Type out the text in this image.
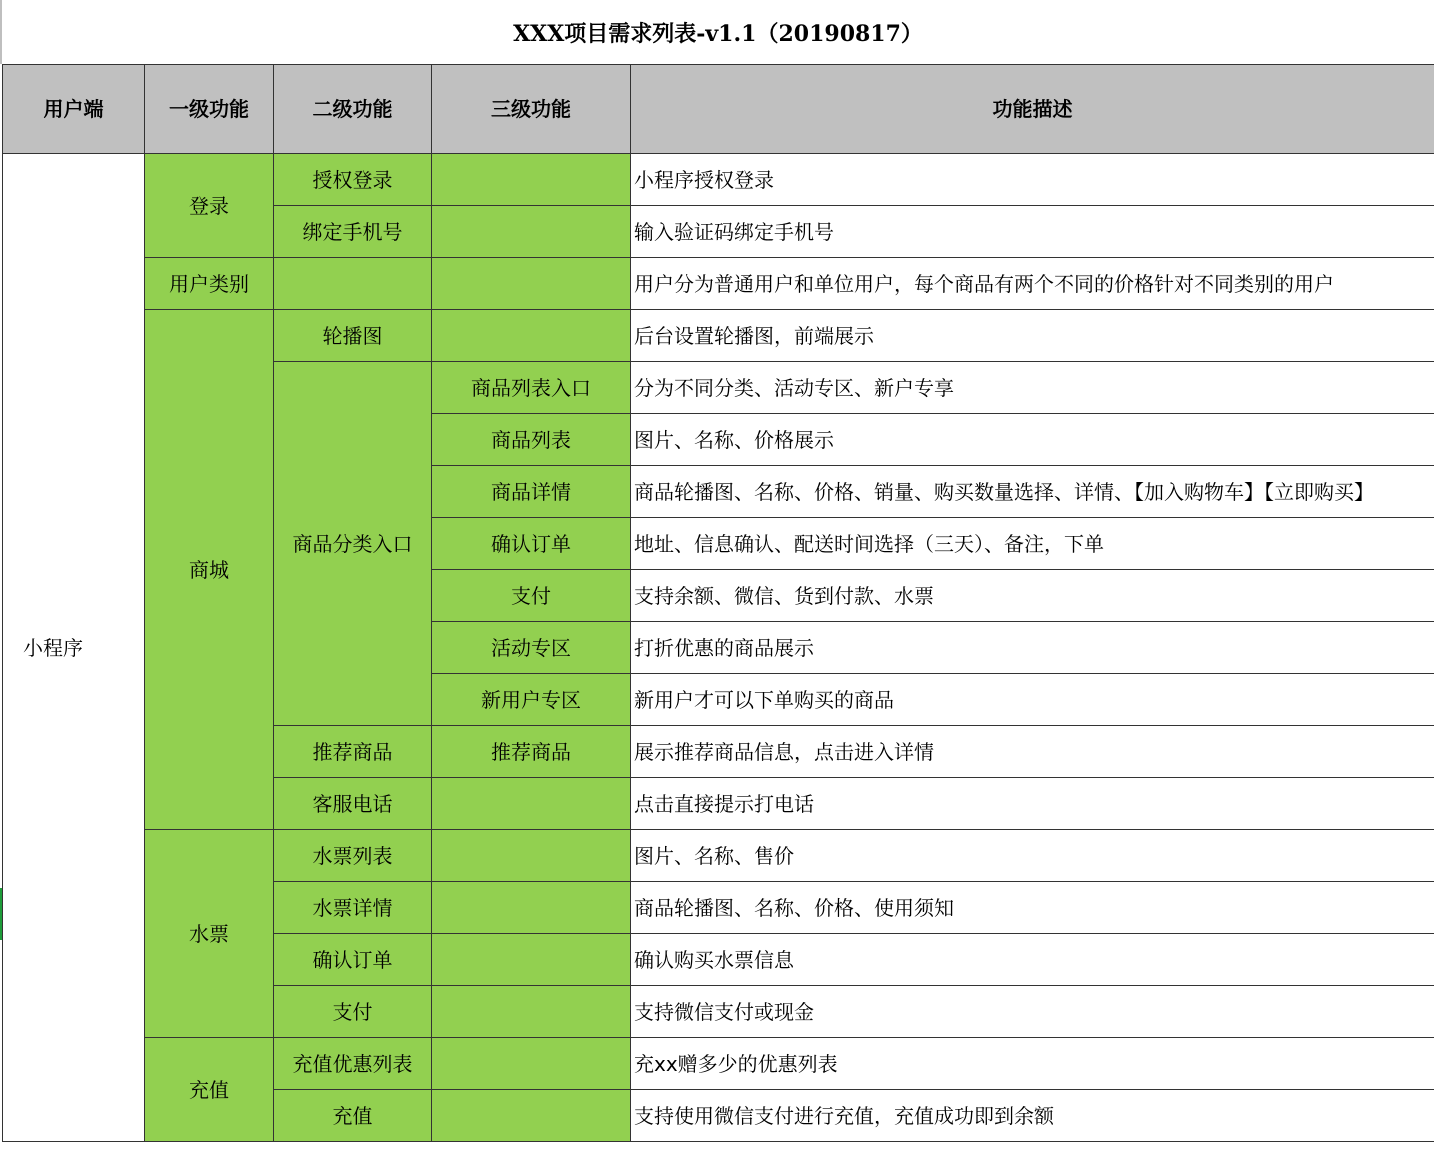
XXX项目需求列表-v1.1（20190817）
用户端	一级功能	二级功能	三级功能	功能描述
小程序	登录	授权登录		小程序授权登录
		绑定手机号		输入验证码绑定手机号
	用户类别			用户分为普通用户和单位用户，每个商品有两个不同的价格针对不同类别的用户
	商城	轮播图		后台设置轮播图，前端展示
		商品分类入口	商品列表入口	分为不同分类、活动专区、新户专享
			商品列表	图片、名称、价格展示
			商品详情	商品轮播图、名称、价格、销量、购买数量选择、详情、【加入购物车】【立即购买】
			确认订单	地址、信息确认、配送时间选择（三天）、备注，下单
			支付	支持余额、微信、货到付款、水票
			活动专区	打折优惠的商品展示
			新用户专区	新用户才可以下单购买的商品
		推荐商品	推荐商品	展示推荐商品信息，点击进入详情
		客服电话		点击直接提示打电话
	水票	水票列表		图片、名称、售价
		水票详情		商品轮播图、名称、价格、使用须知
		确认订单		确认购买水票信息
		支付		支持微信支付或现金
	充值	充值优惠列表		充xx赠多少的优惠列表
		充值		支持使用微信支付进行充值，充值成功即到余额
